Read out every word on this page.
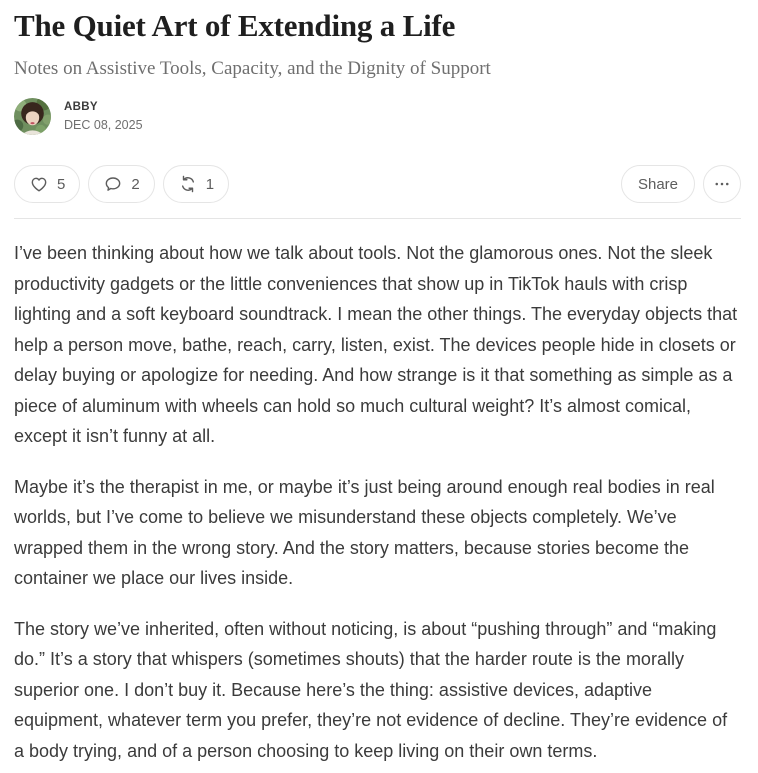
The Quiet Art of Extending a Life
Notes on Assistive Tools, Capacity, and the Dignity of Support
ABBY
DEC 08, 2025
5	2	1	Share

I’ve been thinking about how we talk about tools. Not the glamorous ones. Not the sleek productivity gadgets or the little conveniences that show up in TikTok hauls with crisp lighting and a soft keyboard soundtrack. I mean the other things. The everyday objects that help a person move, bathe, reach, carry, listen, exist. The devices people hide in closets or delay buying or apologize for needing. And how strange is it that something as simple as a piece of aluminum with wheels can hold so much cultural weight? It’s almost comical, except it isn’t funny at all.

Maybe it’s the therapist in me, or maybe it’s just being around enough real bodies in real worlds, but I’ve come to believe we misunderstand these objects completely. We’ve wrapped them in the wrong story. And the story matters, because stories become the container we place our lives inside.

The story we’ve inherited, often without noticing, is about “pushing through” and “making do.” It’s a story that whispers (sometimes shouts) that the harder route is the morally superior one. I don’t buy it. Because here’s the thing: assistive devices, adaptive equipment, whatever term you prefer, they’re not evidence of decline. They’re evidence of a body trying, and of a person choosing to keep living on their own terms.
